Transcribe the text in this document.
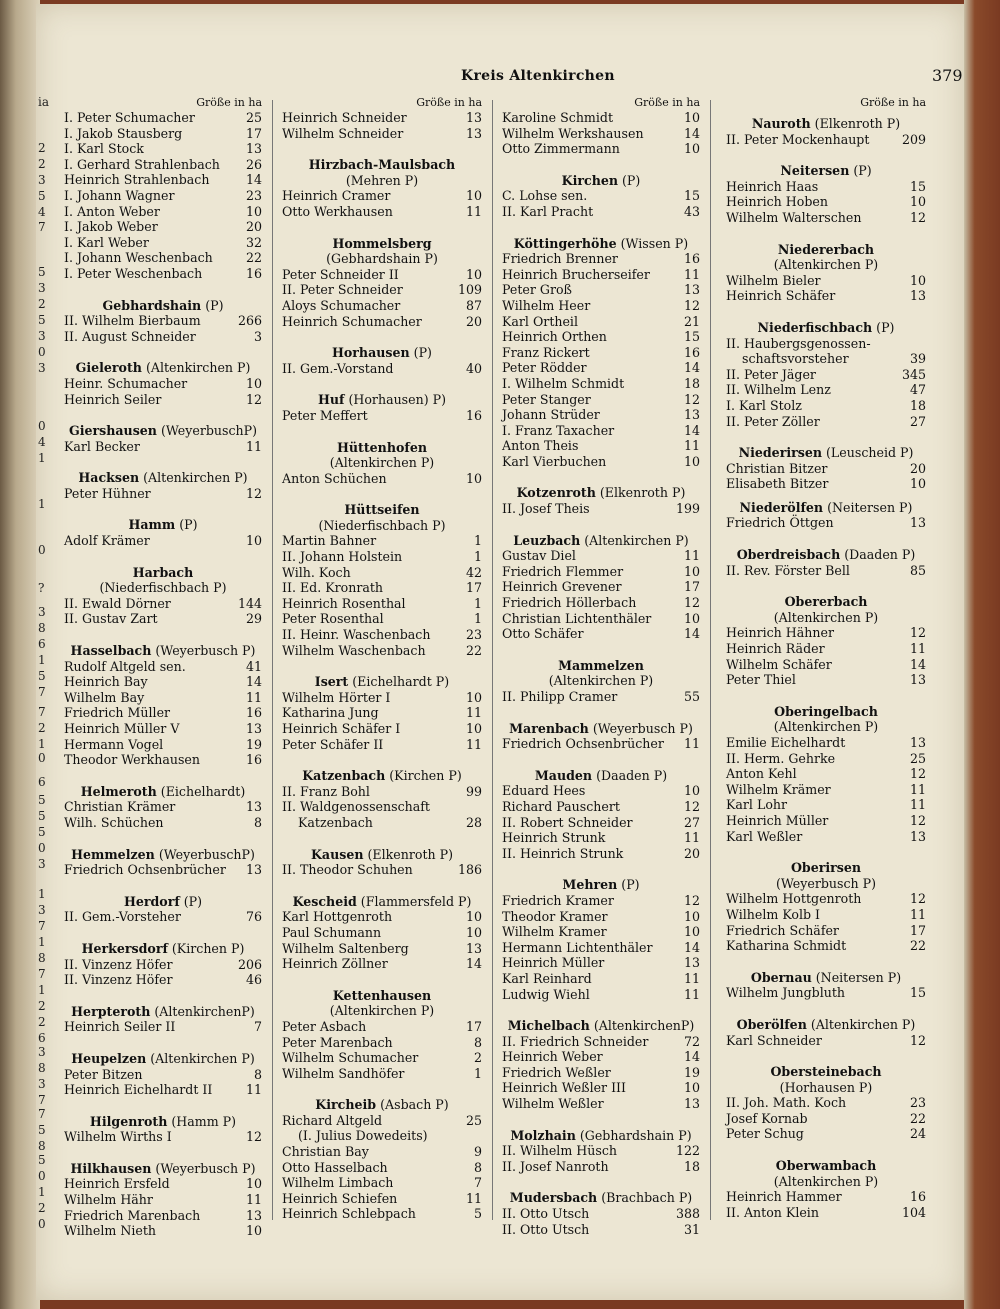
ia
2
2
3
5
4
7
5
3
2
5
3
0
3
0
4
1
1
0
?
3
8
6
1
5
7
7
2
1
0
6
5
5
5
0
3
1
3
7
1
8
7
1
2
2
6
3
8
3
7
7
5
8
5
0
1
2
0
Kreis Altenkirchen	379
Größe in ha
I. Peter Schumacher	25
I. Jakob Stausberg	17
I. Karl Stock	13
I. Gerhard Strahlenbach	26
Heinrich Strahlenbach	14
I. Johann Wagner	23
I. Anton Weber	10
I. Jakob Weber	20
I. Karl Weber	32
I. Johann Weschenbach	22
I. Peter Weschenbach	16
Gebhardshain (P)
II. Wilhelm Bierbaum	266
II. August Schneider	3
Gieleroth (Altenkirchen P)
Heinr. Schumacher	10
Heinrich Seiler	12
Giershausen (WeyerbuschP)
Karl Becker	11
Hacksen (Altenkirchen P)
Peter Hühner	12
Hamm (P)
Adolf Krämer	10
Harbach
(Niederfischbach P)
II. Ewald Dörner	144
II. Gustav Zart	29
Hasselbach (Weyerbusch P)
Rudolf Altgeld sen.	41
Heinrich Bay	14
Wilhelm Bay	11
Friedrich Müller	16
Heinrich Müller V	13
Hermann Vogel	19
Theodor Werkhausen	16
Helmeroth (Eichelhardt)
Christian Krämer	13
Wilh. Schüchen	8
Hemmelzen (WeyerbuschP)
Friedrich Ochsenbrücher	13
Herdorf (P)
II. Gem.-Vorsteher	76
Herkersdorf (Kirchen P)
II. Vinzenz Höfer	206
II. Vinzenz Höfer	46
Herpteroth (AltenkirchenP)
Heinrich Seiler II	7
Heupelzen (Altenkirchen P)
Peter Bitzen	8
Heinrich Eichelhardt II	11
Hilgenroth (Hamm P)
Wilhelm Wirths I	12
Hilkhausen (Weyerbusch P)
Heinrich Ersfeld	10
Wilhelm Hähr	11
Friedrich Marenbach	13
Wilhelm Nieth	10
Größe in ha
Heinrich Schneider	13
Wilhelm Schneider	13
Hirzbach-Maulsbach
(Mehren P)
Heinrich Cramer	10
Otto Werkhausen	11
Hommelsberg
(Gebhardshain P)
Peter Schneider II	10
II. Peter Schneider	109
Aloys Schumacher	87
Heinrich Schumacher	20
Horhausen (P)
II. Gem.-Vorstand	40
Huf (Horhausen) P)
Peter Meffert	16
Hüttenhofen
(Altenkirchen P)
Anton Schüchen	10
Hüttseifen
(Niederfischbach P)
Martin Bahner	1
II. Johann Holstein	1
Wilh. Koch	42
II. Ed. Kronrath	17
Heinrich Rosenthal	1
Peter Rosenthal	1
II. Heinr. Waschenbach	23
Wilhelm Waschenbach	22
Isert (Eichelhardt P)
Wilhelm Hörter I	10
Katharina Jung	11
Heinrich Schäfer I	10
Peter Schäfer II	11
Katzenbach (Kirchen P)
II. Franz Bohl	99
II. Waldgenossenschaft
Katzenbach	28
Kausen (Elkenroth P)
II. Theodor Schuhen	186
Kescheid (Flammersfeld P)
Karl Hottgenroth	10
Paul Schumann	10
Wilhelm Saltenberg	13
Heinrich Zöllner	14
Kettenhausen
(Altenkirchen P)
Peter Asbach	17
Peter Marenbach	8
Wilhelm Schumacher	2
Wilhelm Sandhöfer	1
Kircheib (Asbach P)
Richard Altgeld	25
(I. Julius Dowedeits)
Christian Bay	9
Otto Hasselbach	8
Wilhelm Limbach	7
Heinrich Schiefen	11
Heinrich Schlebpach	5
Größe in ha
Karoline Schmidt	10
Wilhelm Werkshausen	14
Otto Zimmermann	10
Kirchen (P)
C. Lohse sen.	15
II. Karl Pracht	43
Köttingerhöhe (Wissen P)
Friedrich Brenner	16
Heinrich Brucherseifer	11
Peter Groß	13
Wilhelm Heer	12
Karl Ortheil	21
Heinrich Orthen	15
Franz Rickert	16
Peter Rödder	14
I. Wilhelm Schmidt	18
Peter Stanger	12
Johann Strüder	13
I. Franz Taxacher	14
Anton Theis	11
Karl Vierbuchen	10
Kotzenroth (Elkenroth P)
II. Josef Theis	199
Leuzbach (Altenkirchen P)
Gustav Diel	11
Friedrich Flemmer	10
Heinrich Grevener	17
Friedrich Höllerbach	12
Christian Lichtenthäler	10
Otto Schäfer	14
Mammelzen
(Altenkirchen P)
II. Philipp Cramer	55
Marenbach (Weyerbusch P)
Friedrich Ochsenbrücher	11
Mauden (Daaden P)
Eduard Hees	10
Richard Pauschert	12
II. Robert Schneider	27
Heinrich Strunk	11
II. Heinrich Strunk	20
Mehren (P)
Friedrich Kramer	12
Theodor Kramer	10
Wilhelm Kramer	10
Hermann Lichtenthäler	14
Heinrich Müller	13
Karl Reinhard	11
Ludwig Wiehl	11
Michelbach (AltenkirchenP)
II. Friedrich Schneider	72
Heinrich Weber	14
Friedrich Weßler	19
Heinrich Weßler III	10
Wilhelm Weßler	13
Molzhain (Gebhardshain P)
II. Wilhelm Hüsch	122
II. Josef Nanroth	18
Mudersbach (Brachbach P)
II. Otto Utsch	388
II. Otto Utsch	31
Größe in ha
Nauroth (Elkenroth P)
II. Peter Mockenhaupt	209
Neitersen (P)
Heinrich Haas	15
Heinrich Hoben	10
Wilhelm Walterschen	12
Niedererbach
(Altenkirchen P)
Wilhelm Bieler	10
Heinrich Schäfer	13
Niederfischbach (P)
II. Haubergsgenossen-
schaftsvorsteher	39
II. Peter Jäger	345
II. Wilhelm Lenz	47
I. Karl Stolz	18
II. Peter Zöller	27
Niederirsen (Leuscheid P)
Christian Bitzer	20
Elisabeth Bitzer	10
Niederölfen (Neitersen P)
Friedrich Öttgen	13
Oberdreisbach (Daaden P)
II. Rev. Förster Bell	85
Obererbach
(Altenkirchen P)
Heinrich Hähner	12
Heinrich Räder	11
Wilhelm Schäfer	14
Peter Thiel	13
Oberingelbach
(Altenkirchen P)
Emilie Eichelhardt	13
II. Herm. Gehrke	25
Anton Kehl	12
Wilhelm Krämer	11
Karl Lohr	11
Heinrich Müller	12
Karl Weßler	13
Oberirsen
(Weyerbusch P)
Wilhelm Hottgenroth	12
Wilhelm Kolb I	11
Friedrich Schäfer	17
Katharina Schmidt	22
Obernau (Neitersen P)
Wilhelm Jungbluth	15
Oberölfen (Altenkirchen P)
Karl Schneider	12
Obersteinebach
(Horhausen P)
II. Joh. Math. Koch	23
Josef Kornab	22
Peter Schug	24
Oberwambach
(Altenkirchen P)
Heinrich Hammer	16
II. Anton Klein	104
